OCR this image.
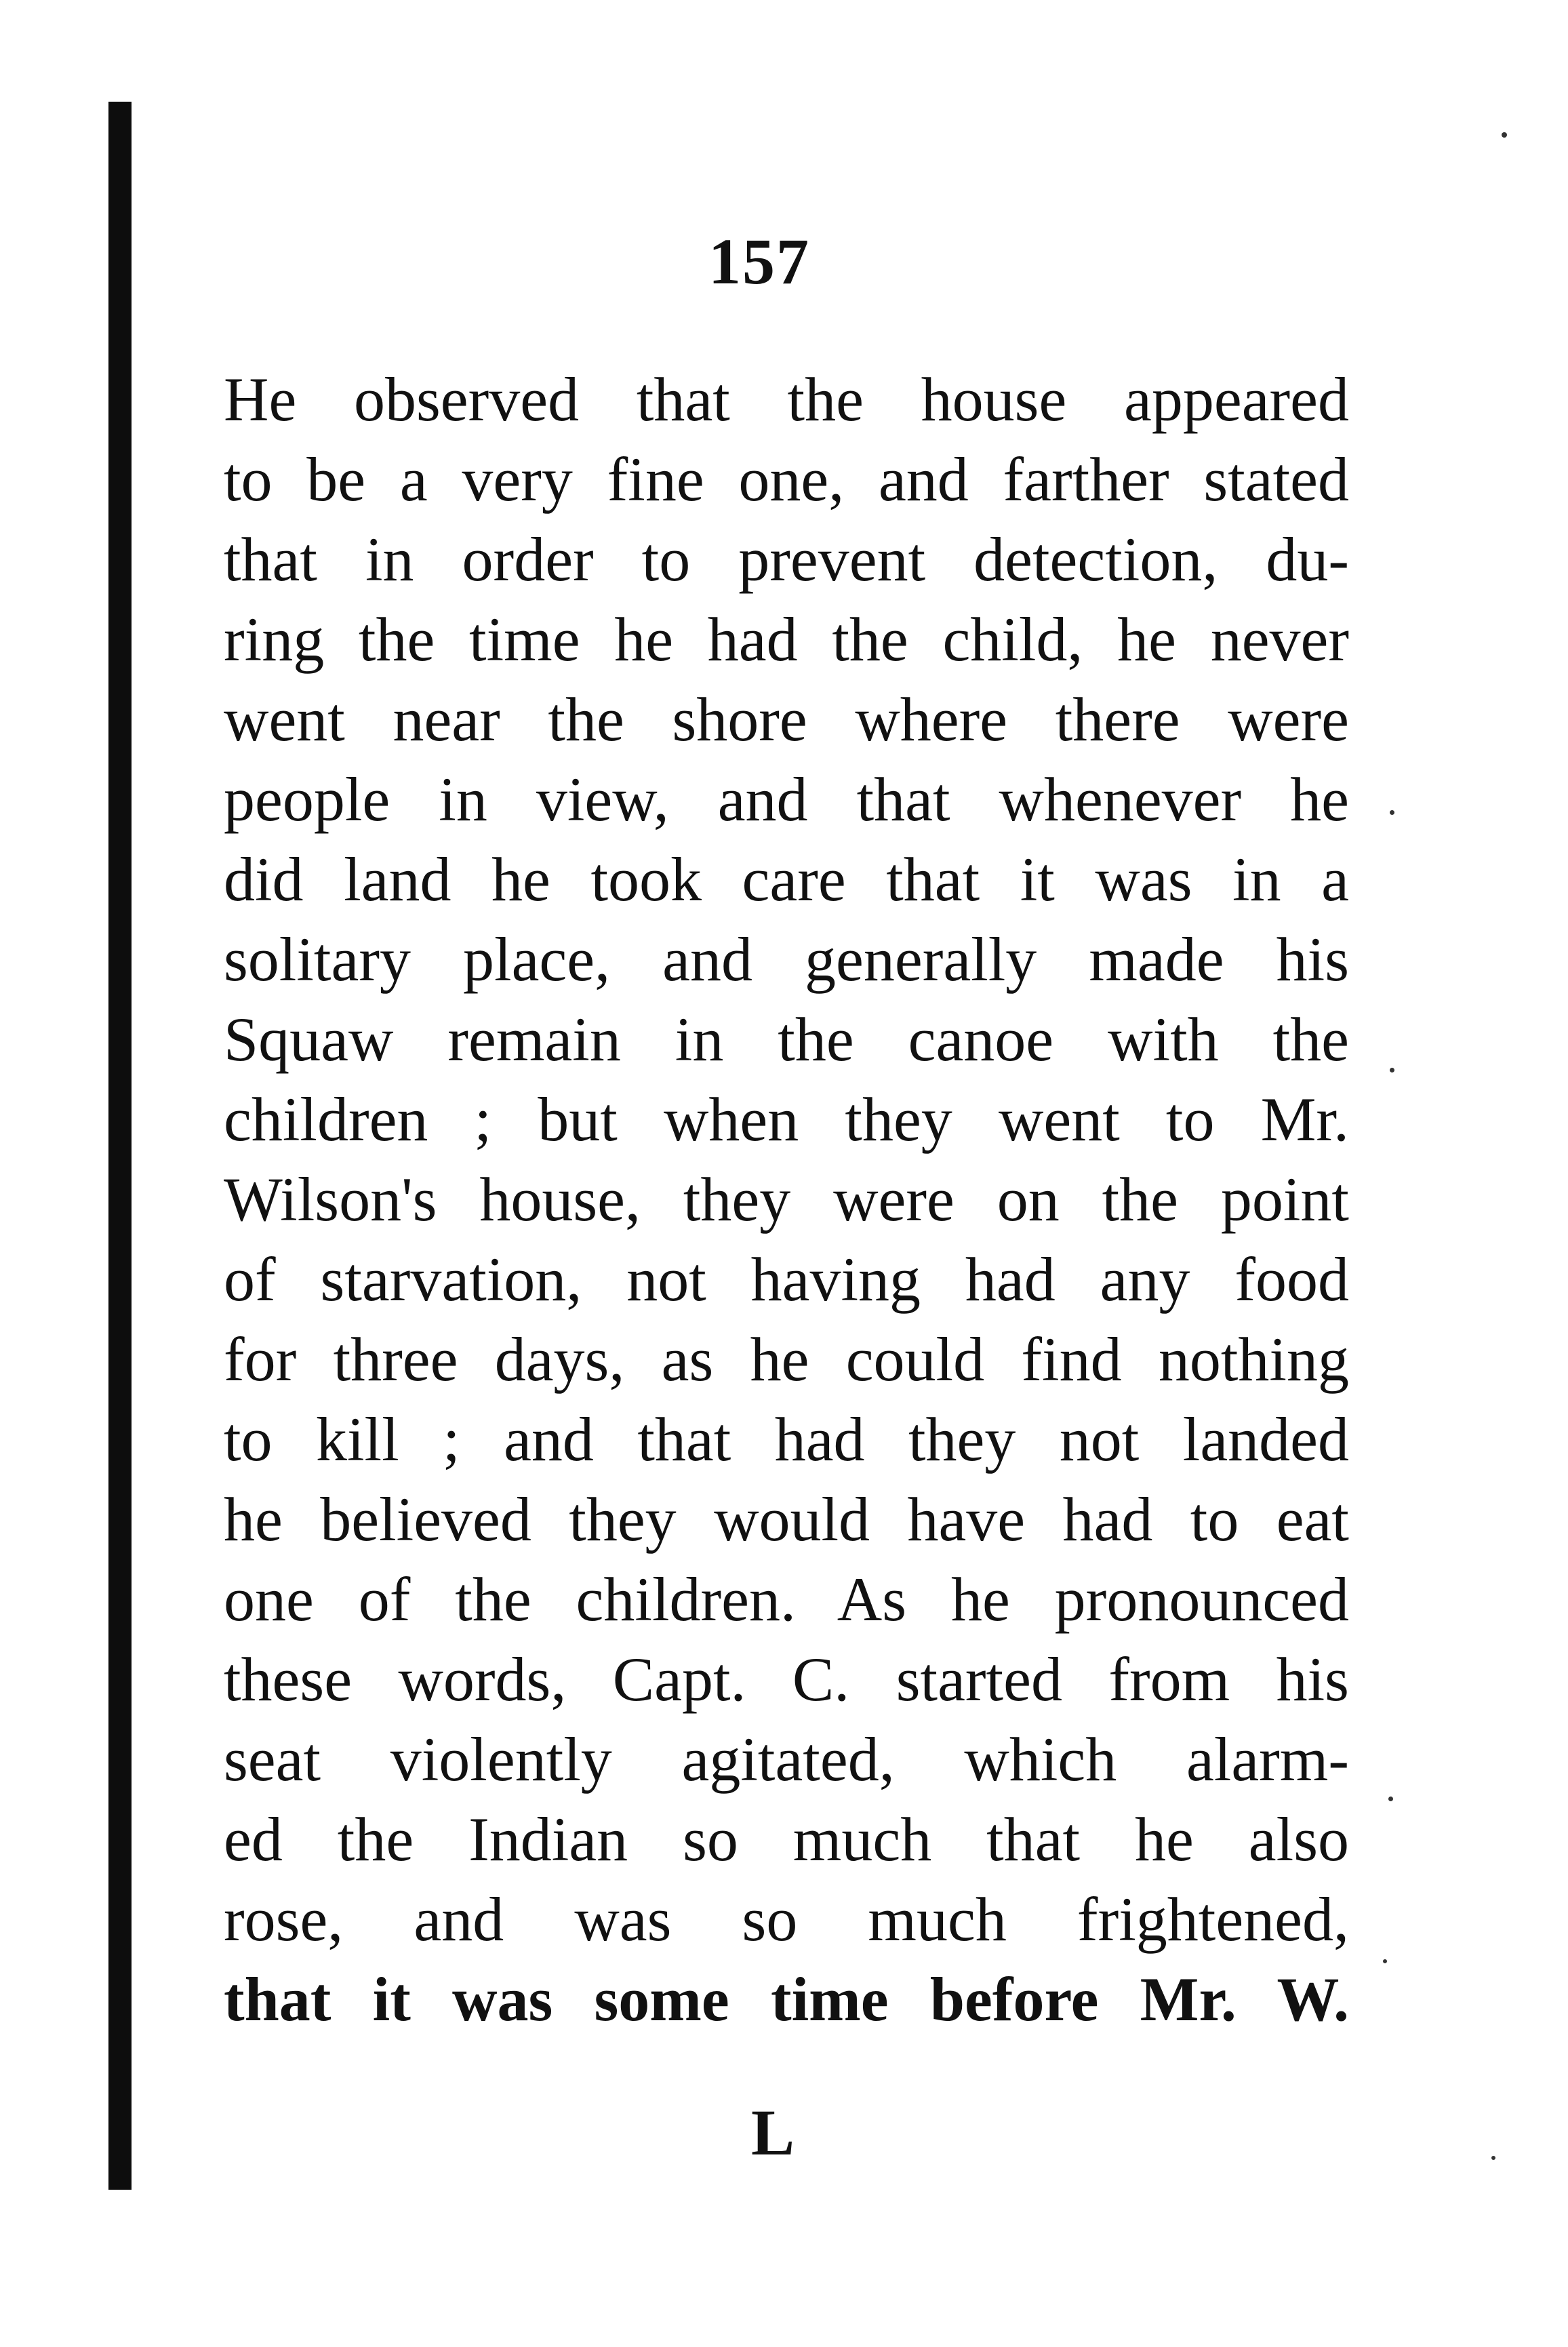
157
He observed that the house appeared
to be a very fine one, and farther stated
that in order to prevent detection, du-
ring the time he had the child, he never
went near the shore where there were
people in view, and that whenever he
did land he took care that it was in a
solitary place, and generally made his
Squaw remain in the canoe with the
children ; but when they went to Mr.
Wilson's house, they were on the point
of starvation, not having had any food
for three days, as he could find nothing
to kill ; and that had they not landed
he believed they would have had to eat
one of the children. As he pronounced
these words, Capt. C. started from his
seat violently agitated, which alarm-
ed the Indian so much that he also
rose, and was so much frightened,
that it was some time before Mr. W.
L
